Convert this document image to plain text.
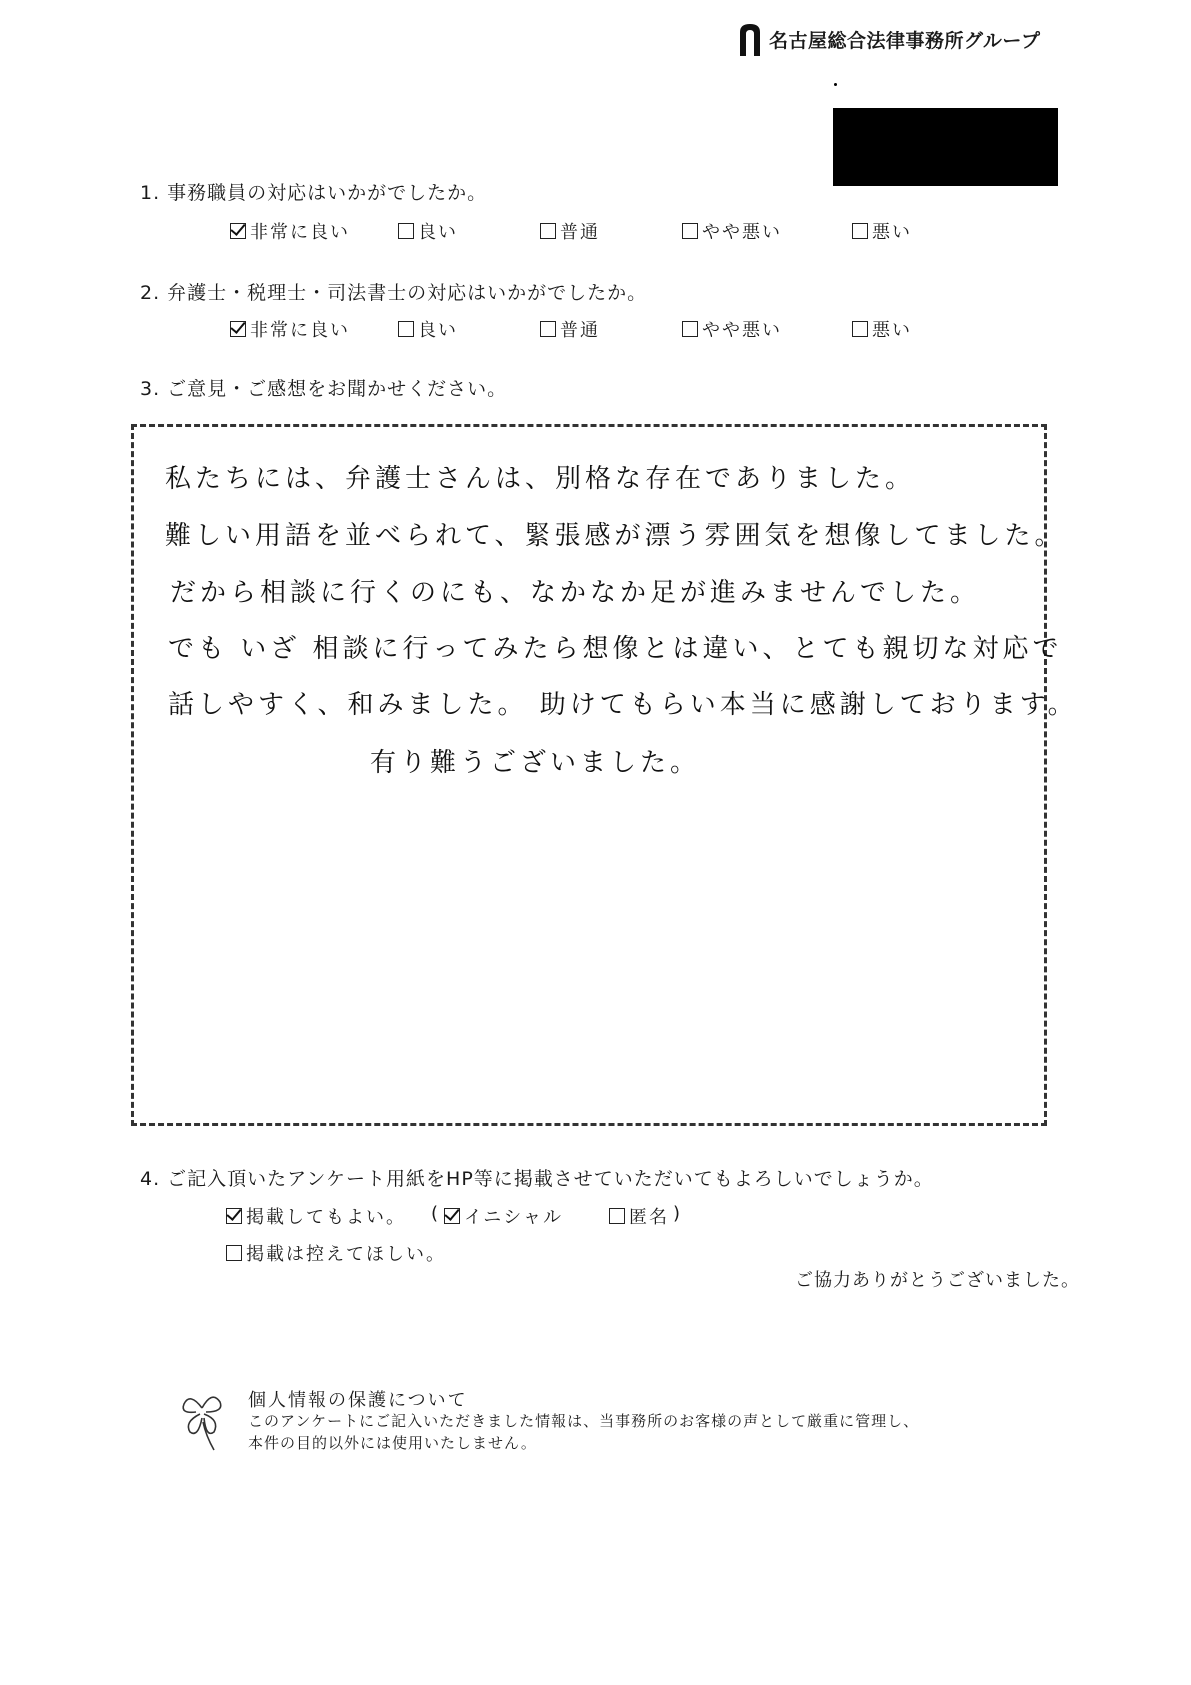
名古屋総合法律事務所グループ
1. 事務職員の対応はいかがでしたか。
非常に良い	良い	普通	やや悪い	悪い
2. 弁護士・税理士・司法書士の対応はいかがでしたか。
非常に良い	良い	普通	やや悪い	悪い
3. ご意見・ご感想をお聞かせください。
私たちには、弁護士さんは、別格な存在でありました。
難しい用語を並べられて、緊張感が漂う雰囲気を想像してました。
だから相談に行くのにも、なかなか足が進みませんでした。
でも いざ 相談に行ってみたら想像とは違い、とても親切な対応で
話しやすく、和みました。 助けてもらい本当に感謝しております。
有り難うございました。
4. ご記入頂いたアンケート用紙をHP等に掲載させていただいてもよろしいでしょうか。
掲載してもよい。 ( イニシャル	匿名 )
掲載は控えてほしい。
ご協力ありがとうございました。
個人情報の保護について
このアンケートにご記入いただきました情報は、当事務所のお客様の声として厳重に管理し、
本件の目的以外には使用いたしません。
